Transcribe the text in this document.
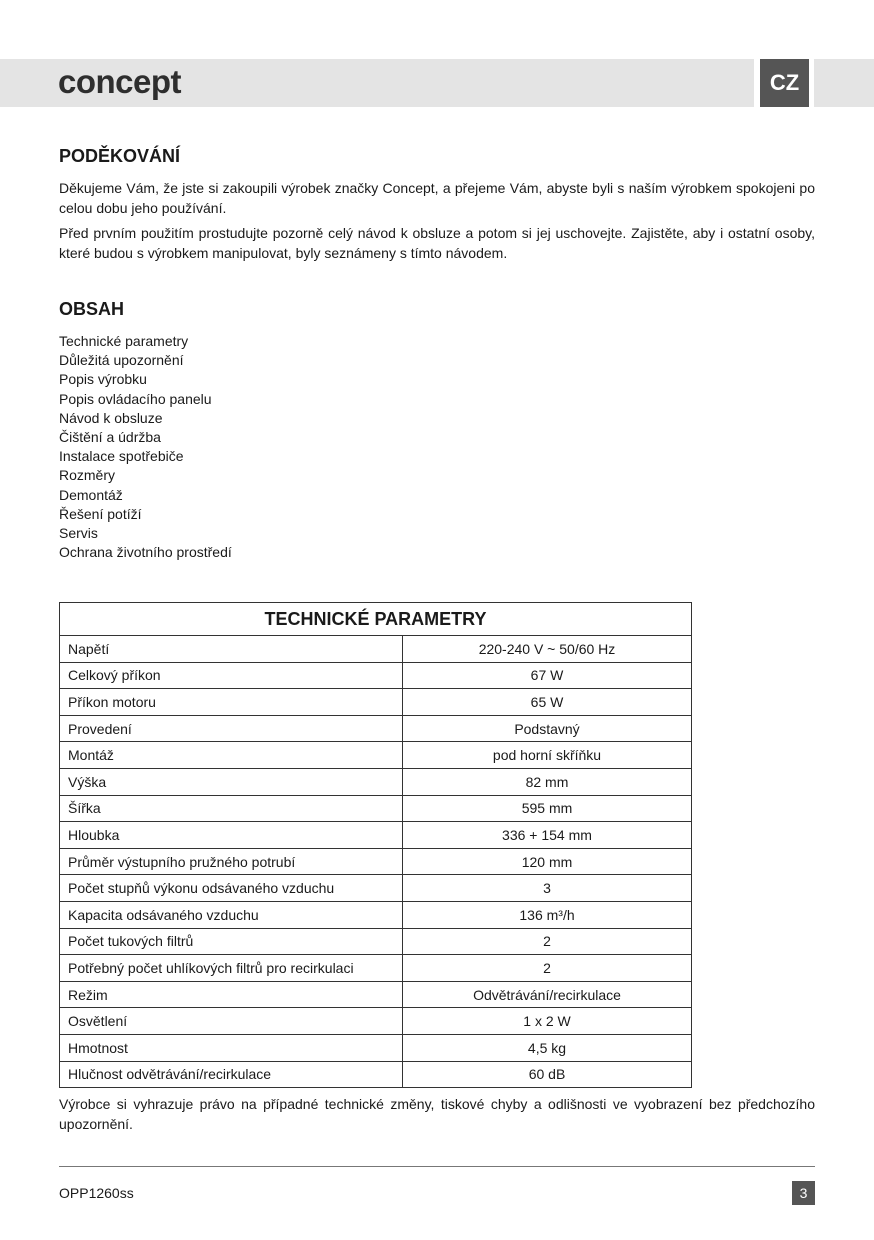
concept	CZ
PODĚKOVÁNÍ
Děkujeme Vám, že jste si zakoupili výrobek značky Concept, a přejeme Vám, abyste byli s naším výrobkem spokojeni po celou dobu jeho používání.
Před prvním použitím prostudujte pozorně celý návod k obsluze a potom si jej uschovejte. Zajistěte, aby i ostatní osoby, které budou s výrobkem manipulovat, byly seznámeny s tímto návodem.
OBSAH
Technické parametry
Důležitá upozornění
Popis výrobku
Popis ovládacího panelu
Návod k obsluze
Čištění a údržba
Instalace spotřebiče
Rozměry
Demontáž
Řešení potíží
Servis
Ochrana životního prostředí
TECHNICKÉ PARAMETRY	
Napětí	220-240 V ~ 50/60 Hz
Celkový příkon	67 W
Příkon motoru	65 W
Provedení	Podstavný
Montáž	pod horní skříňku
Výška	82 mm
Šířka	595 mm
Hloubka	336 + 154 mm
Průměr výstupního pružného potrubí	120 mm
Počet stupňů výkonu odsávaného vzduchu	3
Kapacita odsávaného vzduchu	136 m³/h
Počet tukových filtrů	2
Potřebný počet uhlíkových filtrů pro recirkulaci	2
Režim	Odvětrávání/recirkulace
Osvětlení	1 x 2 W
Hmotnost	4,5 kg
Hlučnost odvětrávání/recirkulace	60 dB
Výrobce si vyhrazuje právo na případné technické změny, tiskové chyby a odlišnosti ve vyobrazení bez předchozího upozornění.
OPP1260ss	3
